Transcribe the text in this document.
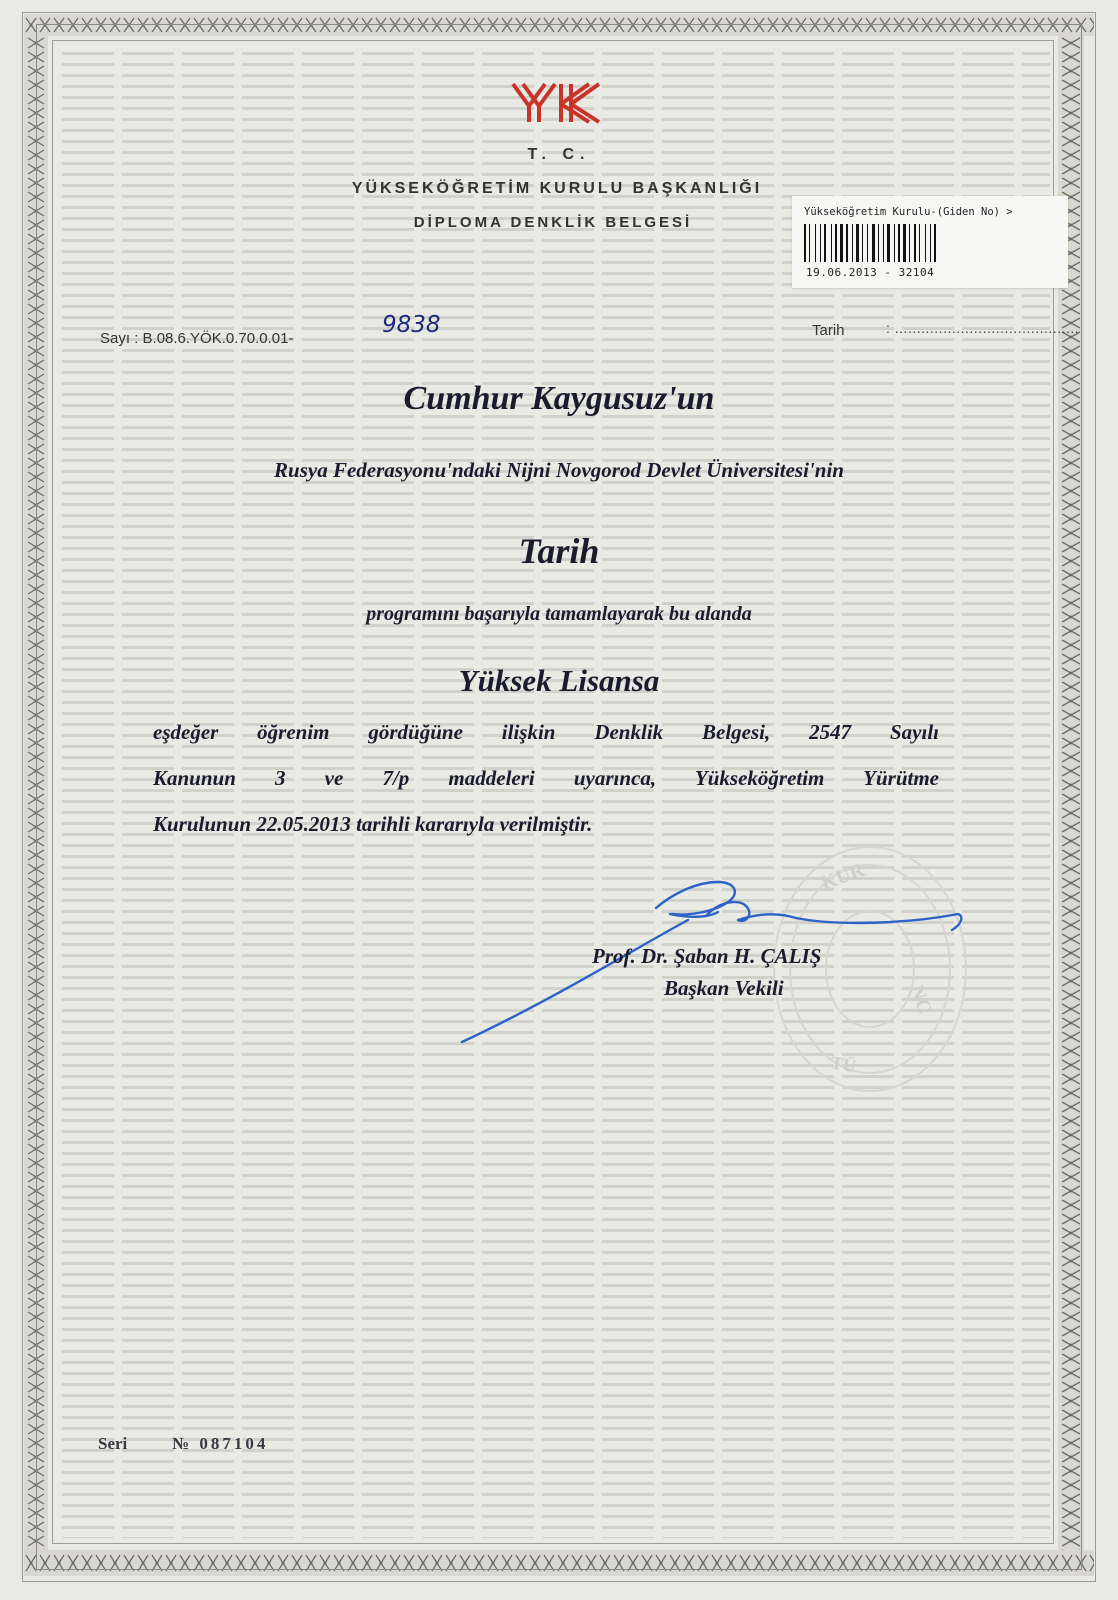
T. C.
YÜKSEKÖĞRETİM KURULU BAŞKANLIĞI
DİPLOMA DENKLİK BELGESİ
Yükseköğretim Kurulu-(Giden No) >
19.06.2013 - 32104
Sayı : B.08.6.YÖK.0.70.0.01-
9838	Tarih	: ..........................................
Cumhur Kaygusuz'un
Rusya Federasyonu'ndaki Nijni Novgorod Devlet Üniversitesi'nin
Tarih
programını başarıyla tamamlayarak bu alanda
Yüksek Lisansa
eşdeğer öğrenim gördüğüne ilişkin Denklik Belgesi, 2547 Sayılı
Kanunun 3 ve 7/p maddeleri uyarınca, Yükseköğretim Yürütme
Kurulunun 22.05.2013 tarihli kararıyla verilmiştir.
KUR
NC
TÜ
Prof. Dr. Şaban H. ÇALIŞ
Başkan Vekili
Seri	№ 087104
